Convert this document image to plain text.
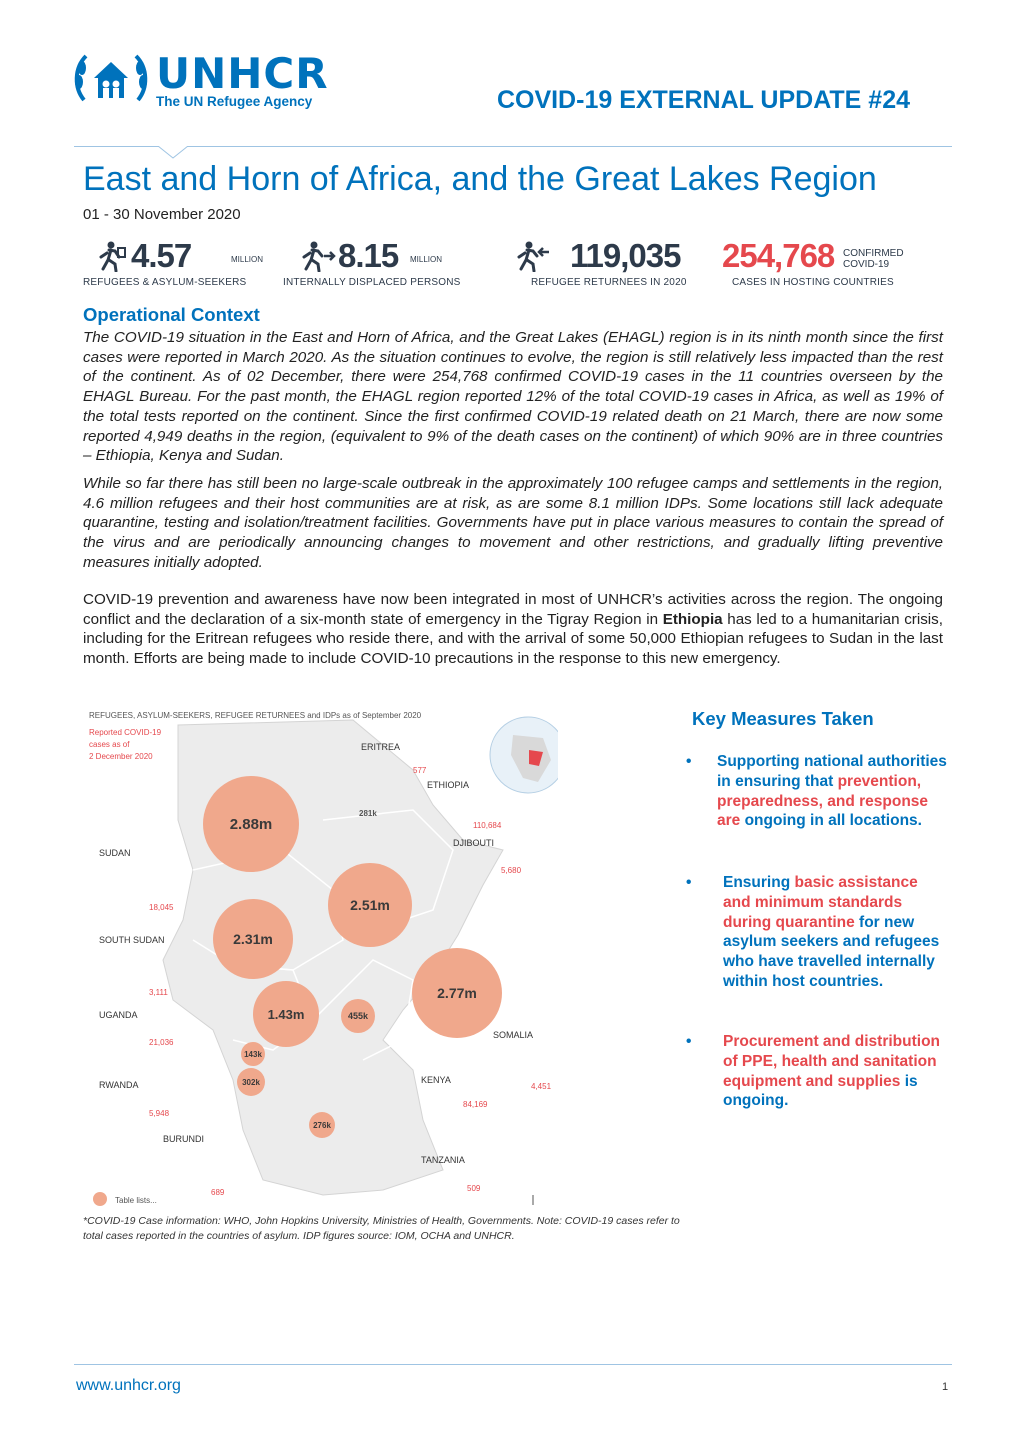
UNHCR
The UN Refugee Agency	COVID-19 EXTERNAL UPDATE #24
East and Horn of Africa, and the Great Lakes Region
01 - 30 November 2020
4.57	MILLION
REFUGEES & ASYLUM-SEEKERS
8.15 MILLION
INTERNALLY DISPLACED PERSONS
119,035
REFUGEE RETURNEES IN 2020
254,768 CONFIRMED
COVID-19
CASES IN HOSTING COUNTRIES
Operational Context

The COVID-19 situation in the East and Horn of Africa, and the Great Lakes (EHAGL) region is in its ninth month since the first cases were reported in March 2020. As the situation continues to evolve, the region is still relatively less impacted than the rest of the continent. As of 02 December, there were 254,768 confirmed COVID-19 cases in the 11 countries overseen by the EHAGL Bureau. For the past month, the EHAGL region reported 12% of the total COVID-19 cases in Africa, as well as 19% of the total tests reported on the continent. Since the first confirmed COVID-19 related death on 21 March, there are now some reported 4,949 deaths in the region, (equivalent to 9% of the death cases on the continent) of which 90% are in three countries – Ethiopia, Kenya and Sudan.

While so far there has still been no large-scale outbreak in the approximately 100 refugee camps and settlements in the region, 4.6 million refugees and their host communities are at risk, as are some 8.1 million IDPs. Some locations still lack adequate quarantine, testing and isolation/treatment facilities. Governments have put in place various measures to contain the spread of the virus and are periodically announcing changes to movement and other restrictions, and gradually lifting preventive measures initially adopted.

COVID-19 prevention and awareness have now been integrated in most of UNHCR’s activities across the region. The ongoing conflict and the declaration of a six-month state of emergency in the Tigray Region in Ethiopia has led to a humanitarian crisis, including for the Eritrean refugees who reside there, and with the arrival of some 50,000 Ethiopian refugees to Sudan in the last month. Efforts are being made to include COVID-10 precautions in the response to this new emergency.

REFUGEES, ASYLUM-SEEKERS, REFUGEE RETURNEES and IDPs as of September 2020
Reported COVID-19
cases as of
2 December 2020
2.88m
2.51m
2.31m
2.77m
1.43m	455k
143k
302k
276k
281k
ERITREA
577
ETHIOPIA
110,684
DJIBOUTI
5,680
SUDAN
18,045
SOUTH SUDAN
3,111
UGANDA
21,036
SOMALIA
4,451
KENYA
84,169
RWANDA
5,948
BURUNDI
689
TANZANIA
509
Table lists...
*COVID-19 Case information: WHO, John Hopkins University, Ministries of Health, Governments. Note: COVID-19 cases refer to total cases reported in the countries of asylum. IDP figures source: IOM, OCHA and UNHCR.
Key Measures Taken
• Supporting national authorities in ensuring that prevention, preparedness, and response are ongoing in all locations.
• Ensuring basic assistance and minimum standards during quarantine for new asylum seekers and refugees who have travelled internally within host countries.
• Procurement and distribution of PPE, health and sanitation equipment and supplies is ongoing.
www.unhcr.org	1
